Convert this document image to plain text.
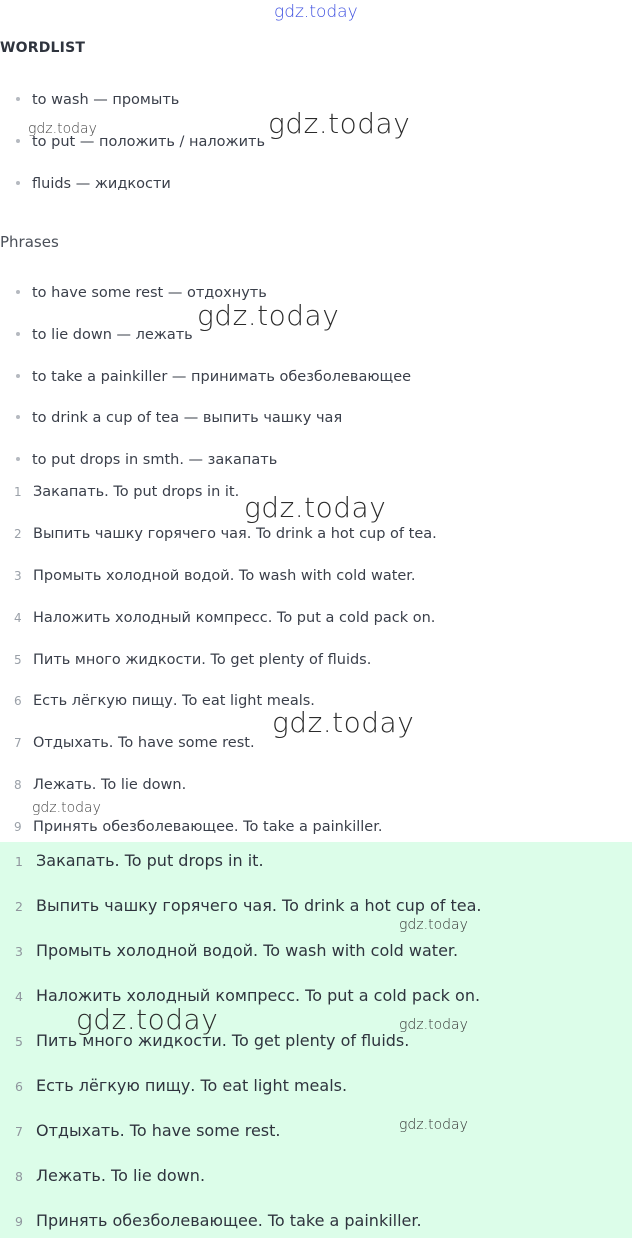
gdz.today
WORDLIST
to wash — промыть
to put — положить / наложить
fluids — жидкости
Phrases
to have some rest — отдохнуть
to lie down — лежать
to take a painkiller — принимать обезболевающее
to drink a cup of tea — выпить чашку чая
to put drops in smth. — закапать
1 Закапать. To put drops in it.
2 Выпить чашку горячего чая. To drink a hot cup of tea.
3 Промыть холодной водой. To wash with cold water.
4 Наложить холодный компресс. To put a cold pack on.
5 Пить много жидкости. To get plenty of fluids.
6 Есть лёгкую пищу. To eat light meals.
7 Отдыхать. To have some rest.
8 Лежать. To lie down.
9 Принять обезболевающее. To take a painkiller.
1 Закапать. To put drops in it.
2 Выпить чашку горячего чая. To drink a hot cup of tea.
3 Промыть холодной водой. To wash with cold water.
4 Наложить холодный компресс. To put a cold pack on.
5 Пить много жидкости. To get plenty of fluids.
6 Есть лёгкую пищу. To eat light meals.
7 Отдыхать. To have some rest.
8 Лежать. To lie down.
9 Принять обезболевающее. To take a painkiller.
gdz.today	gdz.today
gdz.today
gdz.today
gdz.today
gdz.today
gdz.today
gdz.today	gdz.today
gdz.today
